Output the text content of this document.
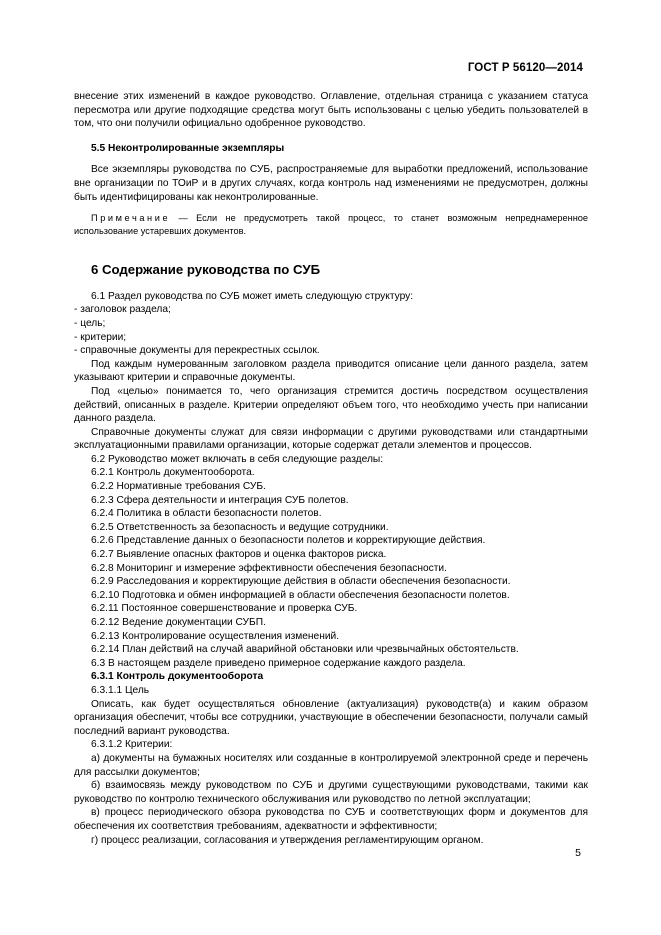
ГОСТ Р 56120—2014

внесение этих изменений в каждое руководство. Оглавление, отдельная страница с указанием статуса пересмотра или другие подходящие средства могут быть использованы с целью убедить пользователей в том, что они получили официально одобренное руководство.

5.5 Неконтролированные экземпляры

Все экземпляры руководства по СУБ, распространяемые для выработки предложений, использование вне организации по ТОиР и в других случаях, когда контроль над изменениями не предусмотрен, должны быть идентифицированы как неконтролированные.

Примечание — Если не предусмотреть такой процесс, то станет возможным непреднамеренное использование устаревших документов.

6 Содержание руководства по СУБ

6.1 Раздел руководства по СУБ может иметь следующую структуру:

- заголовок раздела;

- цель;

- критерии;

- справочные документы для перекрестных ссылок.

Под каждым нумерованным заголовком раздела приводится описание цели данного раздела, затем указывают критерии и справочные документы.

Под «целью» понимается то, чего организация стремится достичь посредством осуществления действий, описанных в разделе. Критерии определяют объем того, что необходимо учесть при написании данного раздела.

Справочные документы служат для связи информации с другими руководствами или стандартными эксплуатационными правилами организации, которые содержат детали элементов и процессов.

6.2 Руководство может включать в себя следующие разделы:

6.2.1 Контроль документооборота.

6.2.2 Нормативные требования СУБ.

6.2.3 Сфера деятельности и интеграция СУБ полетов.

6.2.4 Политика в области безопасности полетов.

6.2.5 Ответственность за безопасность и ведущие сотрудники.

6.2.6 Представление данных о безопасности полетов и корректирующие действия.

6.2.7 Выявление опасных факторов и оценка факторов риска.

6.2.8 Мониторинг и измерение эффективности обеспечения безопасности.

6.2.9 Расследования и корректирующие действия в области обеспечения безопасности.

6.2.10 Подготовка и обмен информацией в области обеспечения безопасности полетов.

6.2.11 Постоянное совершенствование и проверка СУБ.

6.2.12 Ведение документации СУБП.

6.2.13 Контролирование осуществления изменений.

6.2.14 План действий на случай аварийной обстановки или чрезвычайных обстоятельств.

6.3 В настоящем разделе приведено примерное содержание каждого раздела.

6.3.1 Контроль документооборота

6.3.1.1 Цель

Описать, как будет осуществляться обновление (актуализация) руководств(а) и каким образом организация обеспечит, чтобы все сотрудники, участвующие в обеспечении безопасности, получали самый последний вариант руководства.

6.3.1.2 Критерии:

а) документы на бумажных носителях или созданные в контролируемой электронной среде и перечень для рассылки документов;

б) взаимосвязь между руководством по СУБ и другими существующими руководствами, такими как руководство по контролю технического обслуживания или руководство по летной эксплуатации;

в) процесс периодического обзора руководства по СУБ и соответствующих форм и документов для обеспечения их соответствия требованиям, адекватности и эффективности;

г) процесс реализации, согласования и утверждения регламентирующим органом.

5
